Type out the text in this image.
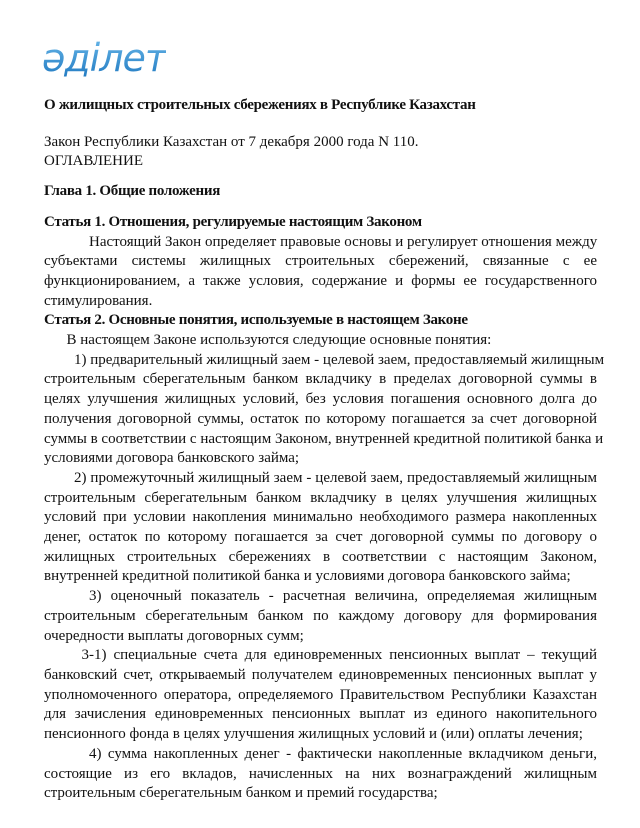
әділет
О жилищных строительных сбережениях в Республике Казахстан
Закон Республики Казахстан от 7 декабря 2000 года N 110.
ОГЛАВЛЕНИЕ
Глава 1. Общие положения
Статья 1. Отношения, регулируемые настоящим Законом
Настоящий Закон определяет правовые основы и регулирует отношения между
субъектами системы жилищных строительных сбережений, связанные с ее
функционированием, а также условия, содержание и формы ее государственного
стимулирования.
Статья 2. Основные понятия, используемые в настоящем Законе
В настоящем Законе используются следующие основные понятия:
1) предварительный жилищный заем - целевой заем, предоставляемый жилищным
строительным сберегательным банком вкладчику в пределах договорной суммы в
целях улучшения жилищных условий, без условия погашения основного долга до
получения договорной суммы, остаток по которому погашается за счет договорной
суммы в соответствии с настоящим Законом, внутренней кредитной политикой банка и
условиями договора банковского займа;
2) промежуточный жилищный заем - целевой заем, предоставляемый жилищным
строительным сберегательным банком вкладчику в целях улучшения жилищных
условий при условии накопления минимально необходимого размера накопленных
денег, остаток по которому погашается за счет договорной суммы по договору о
жилищных строительных сбережениях в соответствии с настоящим Законом,
внутренней кредитной политикой банка и условиями договора банковского займа;
3) оценочный показатель - расчетная величина, определяемая жилищным
строительным сберегательным банком по каждому договору для формирования
очередности выплаты договорных сумм;
3-1) специальные счета для единовременных пенсионных выплат – текущий
банковский счет, открываемый получателем единовременных пенсионных выплат у
уполномоченного оператора, определяемого Правительством Республики Казахстан
для зачисления единовременных пенсионных выплат из единого накопительного
пенсионного фонда в целях улучшения жилищных условий и (или) оплаты лечения;
4) сумма накопленных денег - фактически накопленные вкладчиком деньги,
состоящие из его вкладов, начисленных на них вознаграждений жилищным
строительным сберегательным банком и премий государства;
